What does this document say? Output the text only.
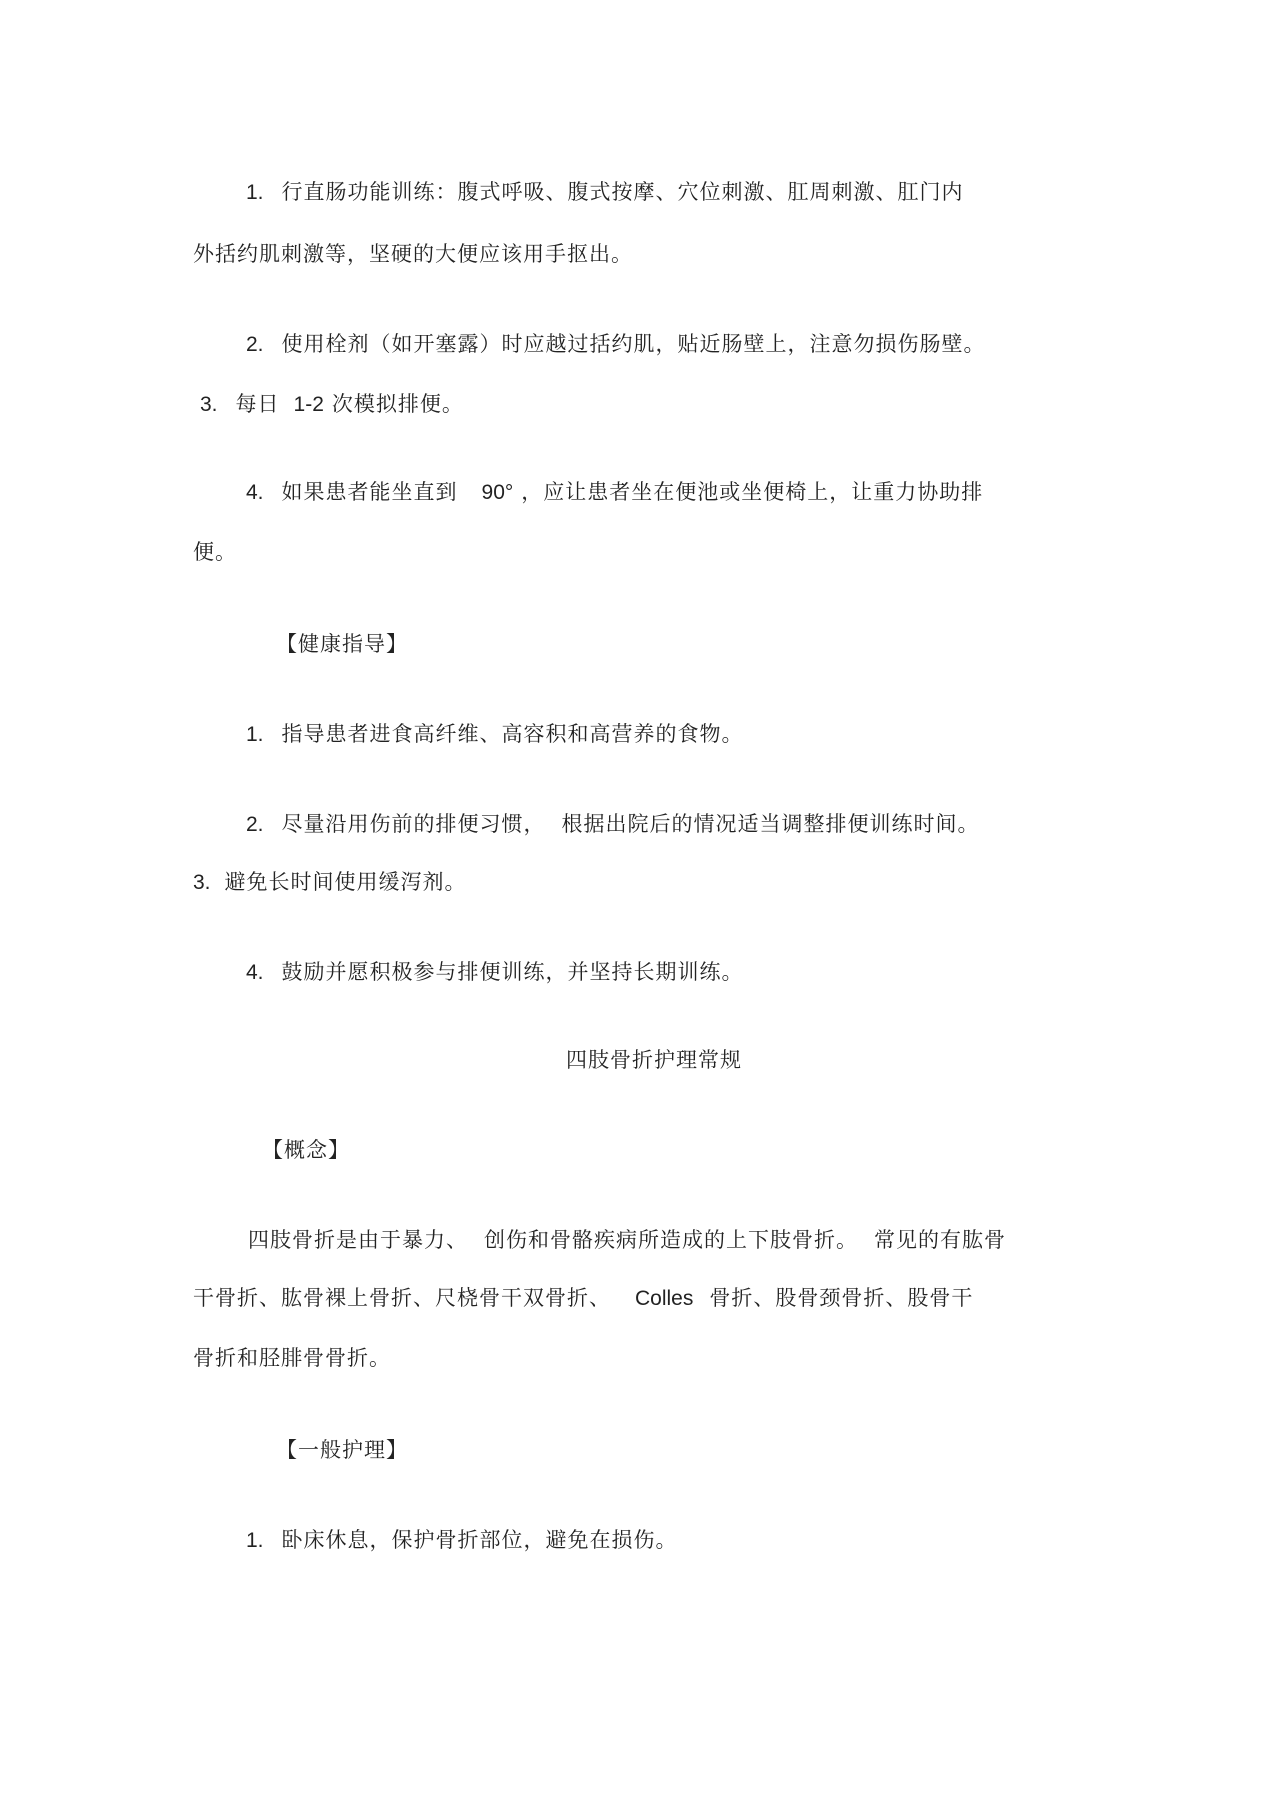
1. 行直肠功能训练：腹式呼吸、腹式按摩、穴位刺激、肛周刺激、肛门内
外括约肌刺激等，坚硬的大便应该用手抠出。
2. 使用栓剂（如开塞露）时应越过括约肌，贴近肠壁上，注意勿损伤肠壁。
3. 每日 1-2 次模拟排便。
4. 如果患者能坐直到 90° ，应让患者坐在便池或坐便椅上，让重力协助排
便。
【健康指导】
1. 指导患者进食高纤维、高容积和高营养的食物。
2. 尽量沿用伤前的排便习惯， 根据出院后的情况适当调整排便训练时间。
3. 避免长时间使用缓泻剂。
4. 鼓励并愿积极参与排便训练，并坚持长期训练。
四肢骨折护理常规
【概念】
四肢骨折是由于暴力、 创伤和骨骼疾病所造成的上下肢骨折。 常见的有肱骨
干骨折、肱骨裸上骨折、尺桡骨干双骨折、 Colles 骨折、股骨颈骨折、股骨干
骨折和胫腓骨骨折。
【一般护理】
1. 卧床休息，保护骨折部位，避免在损伤。
